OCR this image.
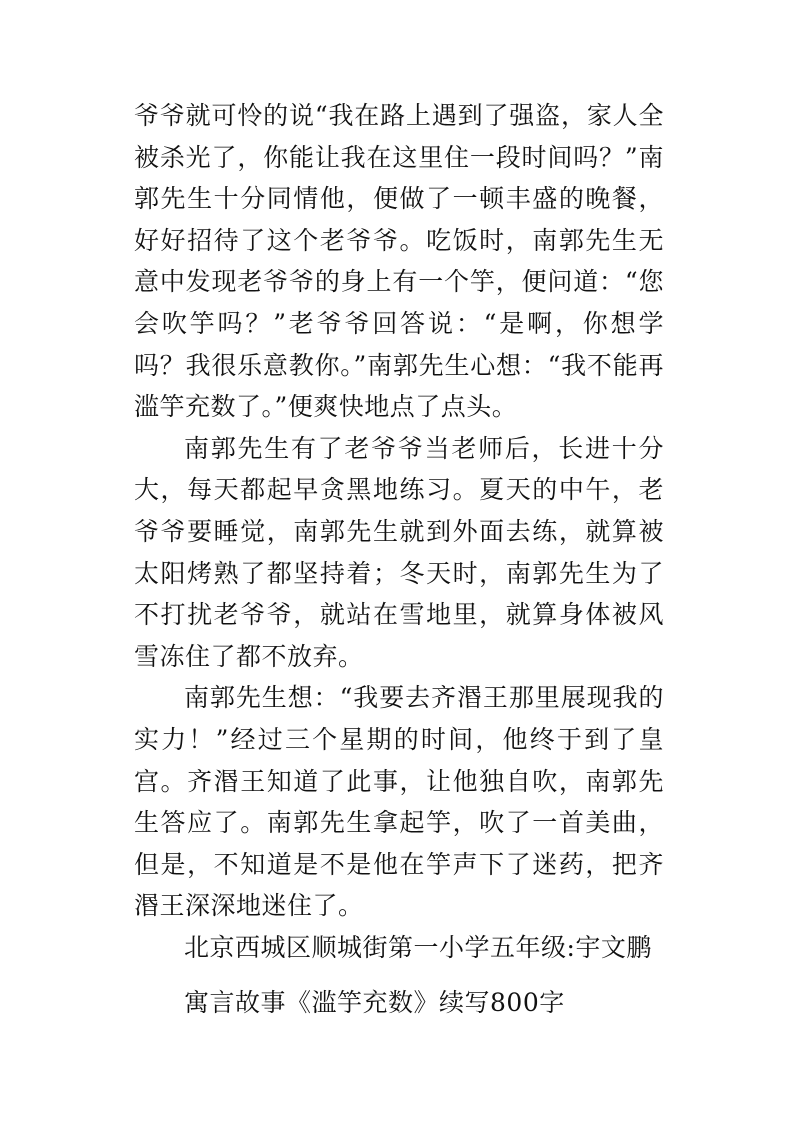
爷爷就可怜的说“我在路上遇到了强盗，家人全被杀光了，你能让我在这里住一段时间吗？”南郭先生十分同情他，便做了一顿丰盛的晚餐，好好招待了这个老爷爷。吃饭时，南郭先生无意中发现老爷爷的身上有一个竽，便问道：“您会吹竽吗？”老爷爷回答说：“是啊，你想学吗？我很乐意教你。”南郭先生心想：“我不能再滥竽充数了。”便爽快地点了点头。

南郭先生有了老爷爷当老师后，长进十分大，每天都起早贪黑地练习。夏天的中午，老爷爷要睡觉，南郭先生就到外面去练，就算被太阳烤熟了都坚持着；冬天时，南郭先生为了不打扰老爷爷，就站在雪地里，就算身体被风雪冻住了都不放弃。

南郭先生想：“我要去齐湣王那里展现我的实力！”经过三个星期的时间，他终于到了皇宫。齐湣王知道了此事，让他独自吹，南郭先生答应了。南郭先生拿起竽，吹了一首美曲，但是，不知道是不是他在竽声下了迷药，把齐湣王深深地迷住了。

北京西城区顺城街第一小学五年级:宇文鹏

寓言故事《滥竽充数》续写800字
